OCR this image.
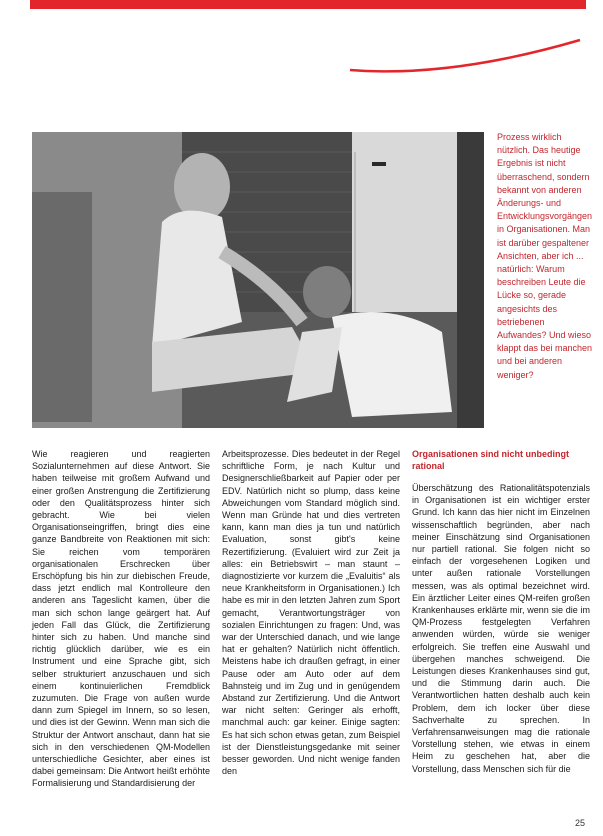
Prozess wirklich nützlich. Das heutige Ergebnis ist nicht überraschend, sondern bekannt von anderen Änderungs- und Entwicklungsvorgängen in Organisationen. Man ist darüber gespaltener Ansichten, aber ich ... natürlich: Warum beschreiben Leute die Lücke so, gerade angesichts des betriebenen Aufwandes? Und wieso klappt das bei manchen und bei anderen weniger?

Wie reagieren und reagierten Sozialunternehmen auf diese Antwort. Sie haben teilweise mit großem Aufwand und einer großen Anstrengung die Zertifizierung oder den Qualitätsprozess hinter sich gebracht. Wie bei vielen Organisationseingriffen, bringt dies eine ganze Bandbreite von Reaktionen mit sich: Sie reichen vom temporären organisationalen Erschrecken über Erschöpfung bis hin zur diebischen Freude, dass jetzt endlich mal Kontrolleure den anderen ans Tageslicht kamen, über die man sich schon lange geärgert hat. Auf jeden Fall das Glück, die Zertifizierung hinter sich zu haben. Und manche sind richtig glücklich darüber, wie es ein Instrument und eine Sprache gibt, sich selber strukturiert anzuschauen und sich einem kontinuierlichen Fremdblick zuzumuten. Die Frage von außen wurde dann zum Spiegel im Innern, so so lesen, und dies ist der Gewinn. Wenn man sich die Struktur der Antwort anschaut, dann hat sie sich in den verschiedenen QM-Modellen unterschiedliche Gesichter, aber eines ist dabei gemeinsam: Die Antwort heißt erhöhte Formalisierung und Standardisierung der

Arbeitsprozesse. Dies bedeutet in der Regel schriftliche Form, je nach Kultur und Designerschließbarkeit auf Papier oder per EDV. Natürlich nicht so plump, dass keine Abweichungen vom Standard möglich sind. Wenn man Gründe hat und dies vertreten kann, kann man dies ja tun und natürlich Evaluation, sonst gibt's keine Rezertifizierung. (Evaluiert wird zur Zeit ja alles: ein Betriebswirt – man staunt – diagnostizierte vor kurzem die „Evaluitis“ als neue Krankheitsform in Organisationen.) Ich habe es mir in den letzten Jahren zum Sport gemacht, Verantwortungsträger von sozialen Einrichtungen zu fragen: Und, was war der Unterschied danach, und wie lange hat er gehalten? Natürlich nicht öffentlich. Meistens habe ich draußen gefragt, in einer Pause oder am Auto oder auf dem Bahnsteig und im Zug und in genügendem Abstand zur Zertifizierung. Und die Antwort war nicht selten: Geringer als erhofft, manchmal auch: gar keiner. Einige sagten: Es hat sich schon etwas getan, zum Beispiel ist der Dienstleistungsgedanke mit seiner besser geworden. Und nicht wenige fanden den

Organisationen sind nicht unbedingt rational

Überschätzung des Rationalitätspotenzials in Organisationen ist ein wichtiger erster Grund. Ich kann das hier nicht im Einzelnen wissenschaftlich begründen, aber nach meiner Einschätzung sind Organisationen nur partiell rational. Sie folgen nicht so einfach der vorgesehenen Logiken und unter außen rationale Vorstellungen messen, was als optimal bezeichnet wird. Ein ärztlicher Leiter eines QM-reifen großen Krankenhauses erklärte mir, wenn sie die im QM-Prozess festgelegten Verfahren anwenden würden, würde sie weniger erfolgreich. Sie treffen eine Auswahl und übergehen manches schweigend. Die Leistungen dieses Krankenhauses sind gut, und die Stimmung darin auch. Die Verantwortlichen hatten deshalb auch kein Problem, dem ich locker über diese Sachverhalte zu sprechen. In Verfahrensanweisungen mag die rationale Vorstellung stehen, wie etwas in einem Heim zu geschehen hat, aber die Vorstellung, dass Menschen sich für die

25
